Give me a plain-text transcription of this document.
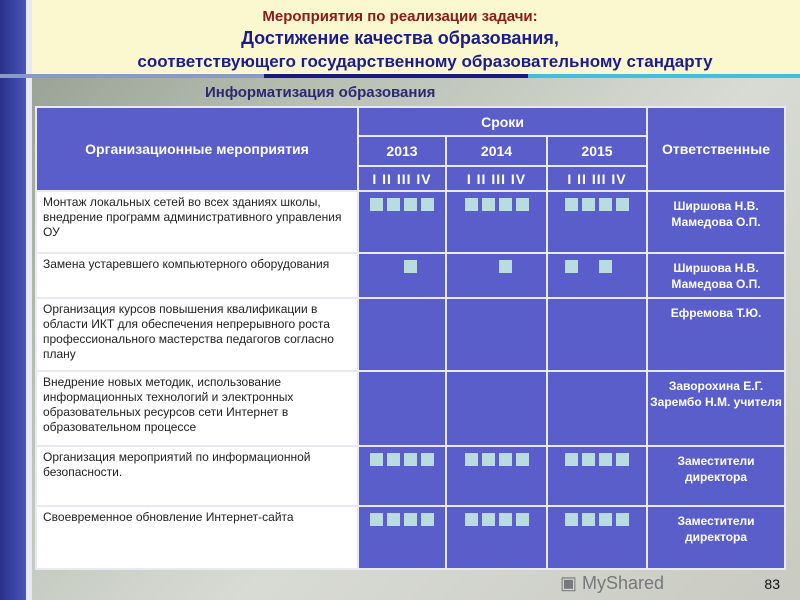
Мероприятия по реализации задачи:
Достижение качества образования,
соответствующего государственному образовательному стандарту
Информатизация образования
Организационные мероприятия	Сроки			Ответственные
	2013	2014	2015	
	I II III IV	I II III IV	I II III IV	
Монтаж локальных сетей во всех зданиях школы, внедрение программ административного управления ОУ				Ширшова Н.В. Мамедова О.П.
Замена устаревшего компьютерного оборудования				Ширшова Н.В. Мамедова О.П.
Организация курсов повышения квалификации в области ИКТ для обеспечения непрерывного роста профессионального мастерства педагогов согласно плану				Ефремова Т.Ю.
Внедрение новых методик, использование информационных технологий и электронных образовательных ресурсов сети Интернет в образовательном процессе				Заворохина Е.Г. Зарембо Н.М. учителя
Организация мероприятий по информационной безопасности.				Заместители директора
Своевременное обновление Интернет-сайта				Заместители директора
▣ MyShared	83
